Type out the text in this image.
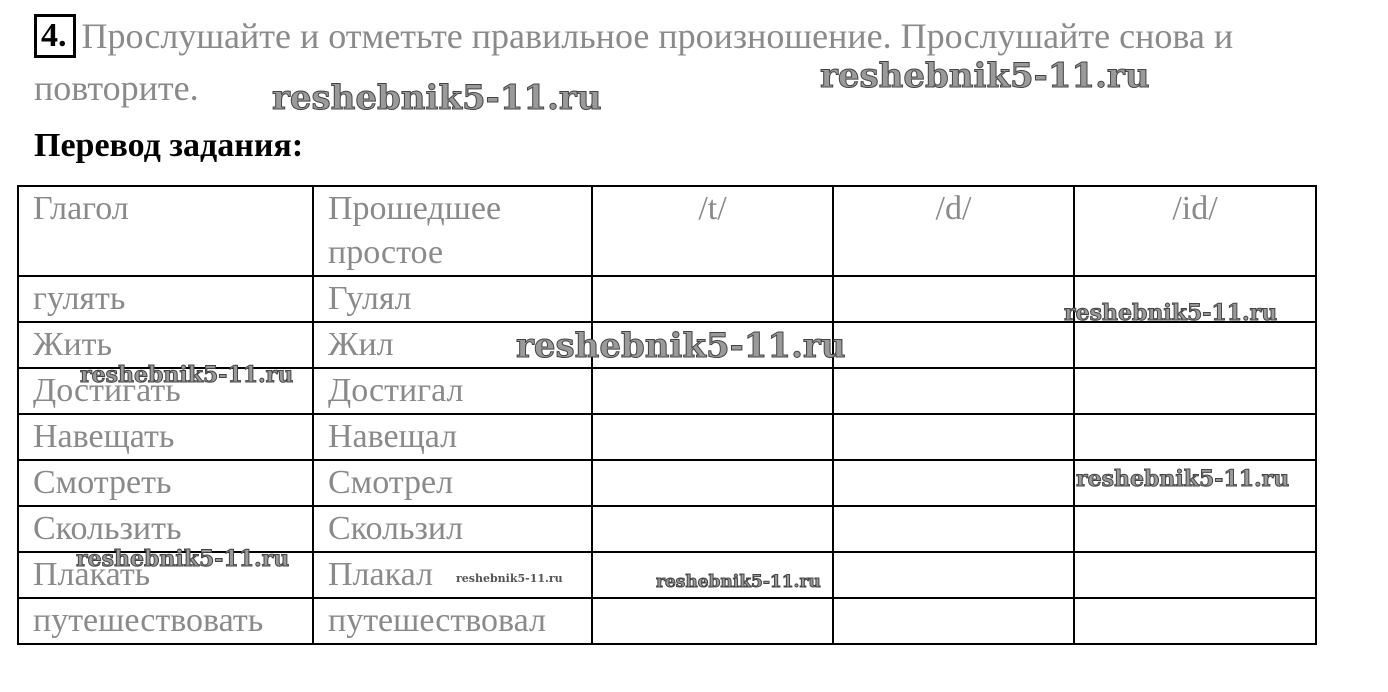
4. Прослушайте и отметьте правильное произношение. Прослушайте снова и повторите.
Перевод задания:
Глагол	Прошедшее простое	/t/	/d/	/id/
гулять	Гулял			
Жить	Жил			
Достигать	Достигал			
Навещать	Навещал			
Смотреть	Смотрел			
Скользить	Скользил			
Плакать	Плакал			
путешествовать	путешествовал			
reshebnik5-11.ru
reshebnik5-11.ru
reshebnik5-11.ru
reshebnik5-11.ru
reshebnik5-11.ru
reshebnik5-11.ru
reshebnik5-11.ru
reshebnik5-11.ru
reshebnik5-11.ru
